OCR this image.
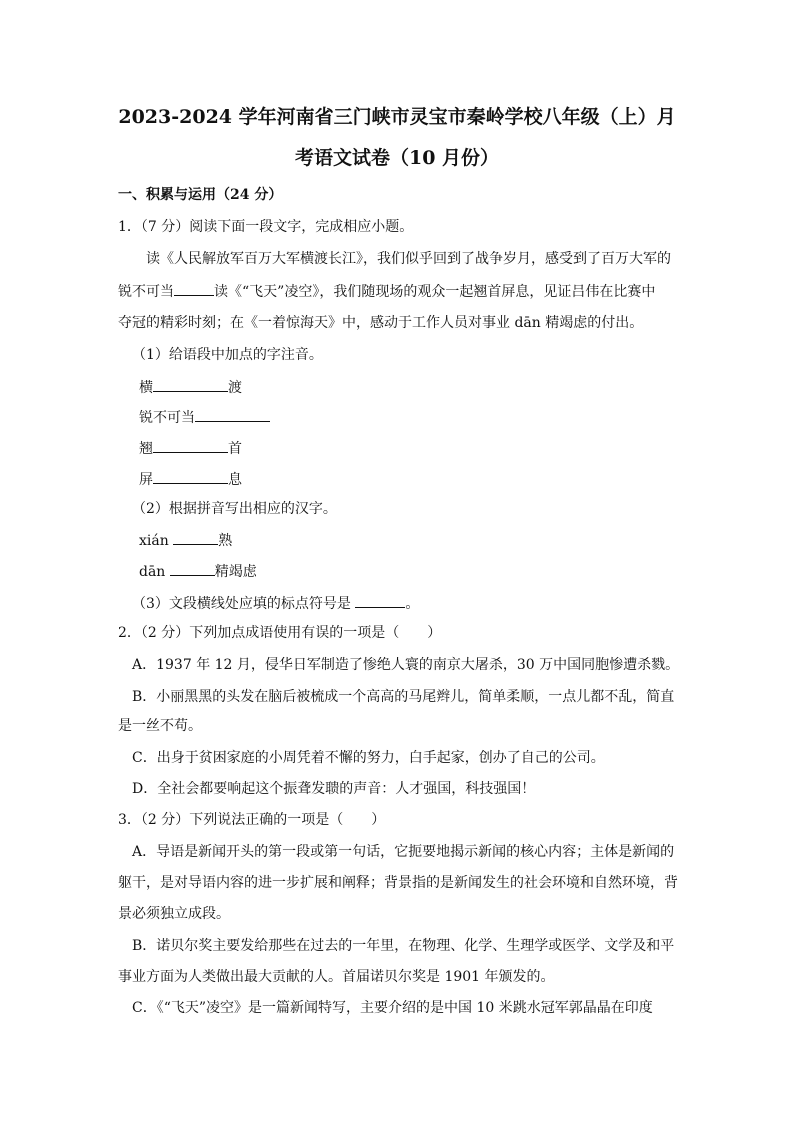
2023-2024 学年河南省三门峡市灵宝市秦岭学校八年级（上）月
考语文试卷（10 月份）
一、积累与运用（24 分）
1．（7 分）阅读下面一段文字，完成相应小题。
读《人民解放军百万大军横渡长江》，我们似乎回到了战争岁月，感受到了百万大军的
锐不可当	读《“飞天”凌空》，我们随现场的观众一起翘首屏息，见证吕伟在比赛中
夺冠的精彩时刻；在《一着惊海天》中，感动于工作人员对事业 dān 精竭虑的付出。
（1）给语段中加点的字注音。
横	渡
锐不可当
翘	首
屏	息
（2）根据拼音写出相应的汉字。
xián	熟
dān	精竭虑
（3）文段横线处应填的标点符号是	。
2．（2 分）下列加点成语使用有误的一项是（　　）
A．1937 年 12 月，侵华日军制造了惨绝人寰的南京大屠杀，30 万中国同胞惨遭杀戮。
B．小丽黑黑的头发在脑后被梳成一个高高的马尾辫儿，简单柔顺，一点儿都不乱，简直
是一丝不苟。
C．出身于贫困家庭的小周凭着不懈的努力，白手起家，创办了自己的公司。
D．全社会都要响起这个振聋发聩的声音：人才强国，科技强国！
3．（2 分）下列说法正确的一项是（　　）
A．导语是新闻开头的第一段或第一句话，它扼要地揭示新闻的核心内容；主体是新闻的
躯干，是对导语内容的进一步扩展和阐释；背景指的是新闻发生的社会环境和自然环境，背
景必须独立成段。
B．诺贝尔奖主要发给那些在过去的一年里，在物理、化学、生理学或医学、文学及和平
事业方面为人类做出最大贡献的人。首届诺贝尔奖是 1901 年颁发的。
C．《“飞天”凌空》是一篇新闻特写，主要介绍的是中国 10 米跳水冠军郭晶晶在印度
